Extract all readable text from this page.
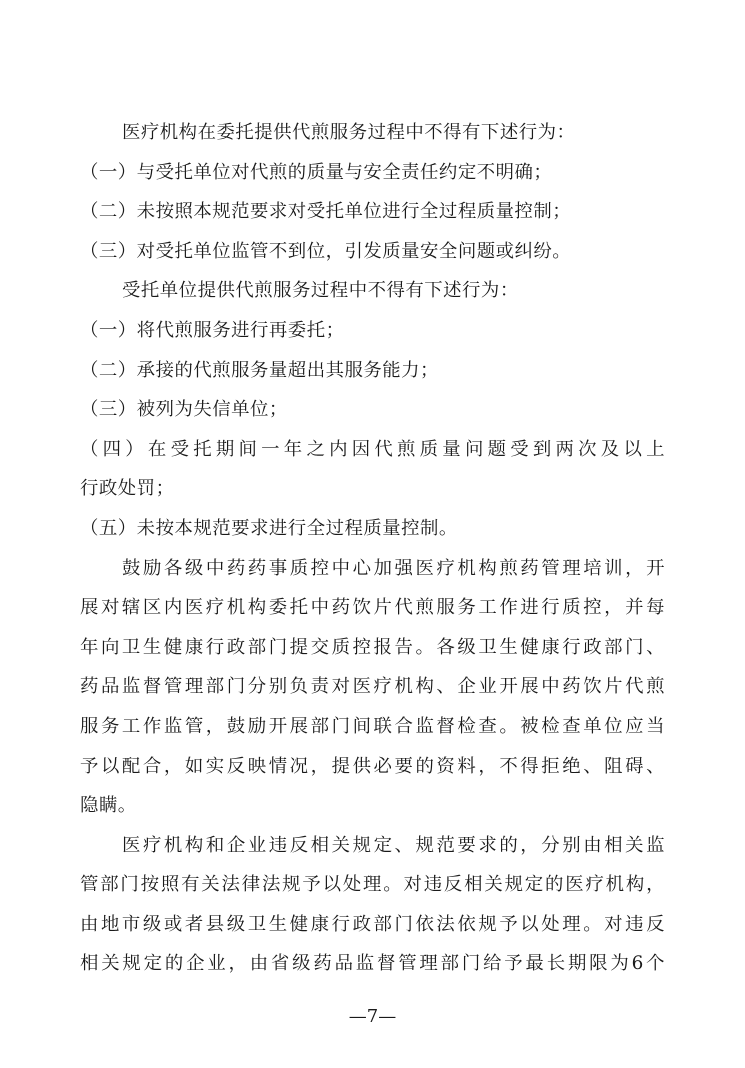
医疗机构在委托提供代煎服务过程中不得有下述行为：
（一）与受托单位对代煎的质量与安全责任约定不明确；
（二）未按照本规范要求对受托单位进行全过程质量控制；
（三）对受托单位监管不到位，引发质量安全问题或纠纷。
受托单位提供代煎服务过程中不得有下述行为：
（一）将代煎服务进行再委托；
（二）承接的代煎服务量超出其服务能力；
（三）被列为失信单位；
（四）在受托期间一年之内因代煎质量问题受到两次及以上
行政处罚；
（五）未按本规范要求进行全过程质量控制。
鼓励各级中药药事质控中心加强医疗机构煎药管理培训，开
展对辖区内医疗机构委托中药饮片代煎服务工作进行质控，并每
年向卫生健康行政部门提交质控报告。各级卫生健康行政部门、
药品监督管理部门分别负责对医疗机构、企业开展中药饮片代煎
服务工作监管，鼓励开展部门间联合监督检查。被检查单位应当
予以配合，如实反映情况，提供必要的资料，不得拒绝、阻碍、
隐瞒。
医疗机构和企业违反相关规定、规范要求的，分别由相关监
管部门按照有关法律法规予以处理。对违反相关规定的医疗机构，
由地市级或者县级卫生健康行政部门依法依规予以处理。对违反
相关规定的企业，由省级药品监督管理部门给予最长期限为6个
—7—
